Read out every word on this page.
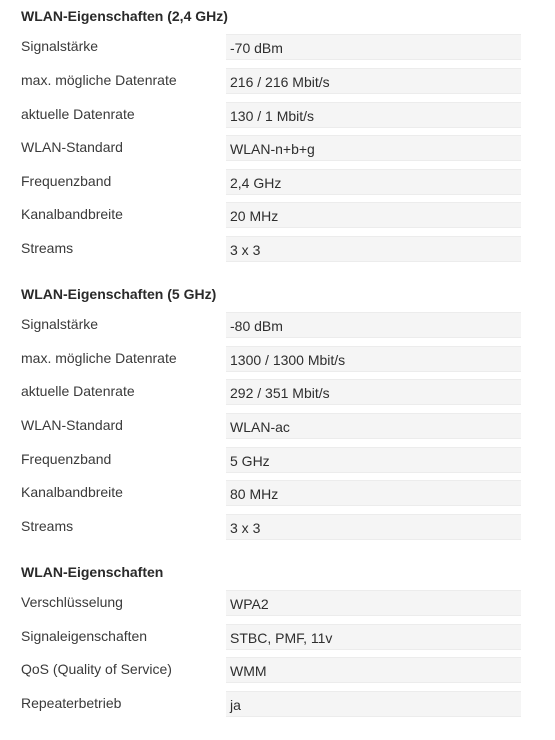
WLAN-Eigenschaften (2,4 GHz)
Signalstärke	-70 dBm
max. mögliche Datenrate	216 / 216 Mbit/s
aktuelle Datenrate	130 / 1 Mbit/s
WLAN-Standard	WLAN-n+b+g
Frequenzband	2,4 GHz
Kanalbandbreite	20 MHz
Streams	3 x 3
WLAN-Eigenschaften (5 GHz)
Signalstärke	-80 dBm
max. mögliche Datenrate	1300 / 1300 Mbit/s
aktuelle Datenrate	292 / 351 Mbit/s
WLAN-Standard	WLAN-ac
Frequenzband	5 GHz
Kanalbandbreite	80 MHz
Streams	3 x 3
WLAN-Eigenschaften
Verschlüsselung	WPA2
Signaleigenschaften	STBC, PMF, 11v
QoS (Quality of Service)	WMM
Repeaterbetrieb	ja
